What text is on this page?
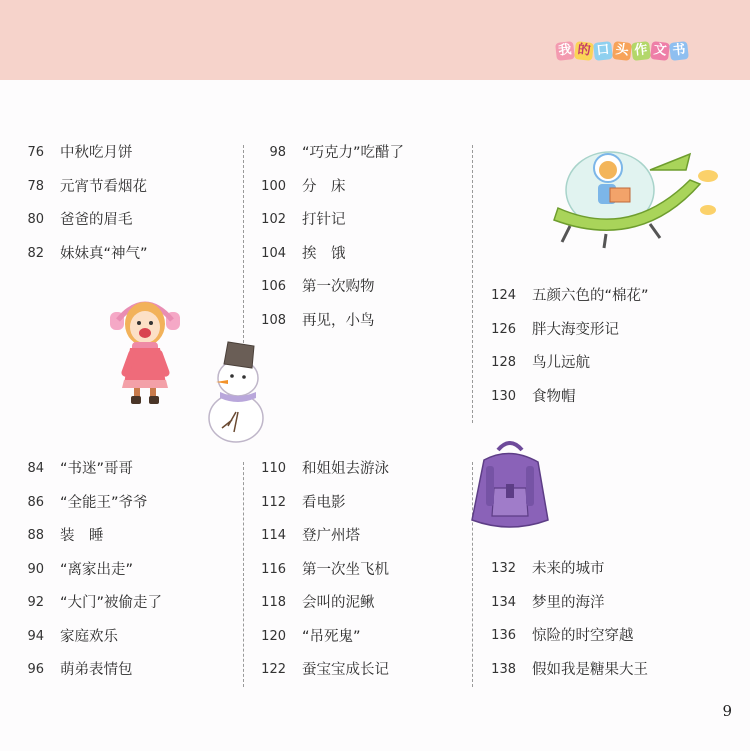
我 的 口 头 作 文 书
76 中秋吃月饼
78 元宵节看烟花
80 爸爸的眉毛
82 妹妹真“神气”
98 “巧克力”吃醋了
100 分　床
102 打针记
104 挨　饿
106 第一次购物
108 再见，小鸟
124 五颜六色的“棉花”
126 胖大海变形记
128 鸟儿远航
130 食物帽
84 “书迷”哥哥
86 “全能王”爷爷
88 装　睡
90 “离家出走”
92 “大门”被偷走了
94 家庭欢乐
96 萌弟表情包
110 和姐姐去游泳
112 看电影
114 登广州塔
116 第一次坐飞机
118 会叫的泥鳅
120 “吊死鬼”
122 蚕宝宝成长记
132 未来的城市
134 梦里的海洋
136 惊险的时空穿越
138 假如我是糖果大王
9
